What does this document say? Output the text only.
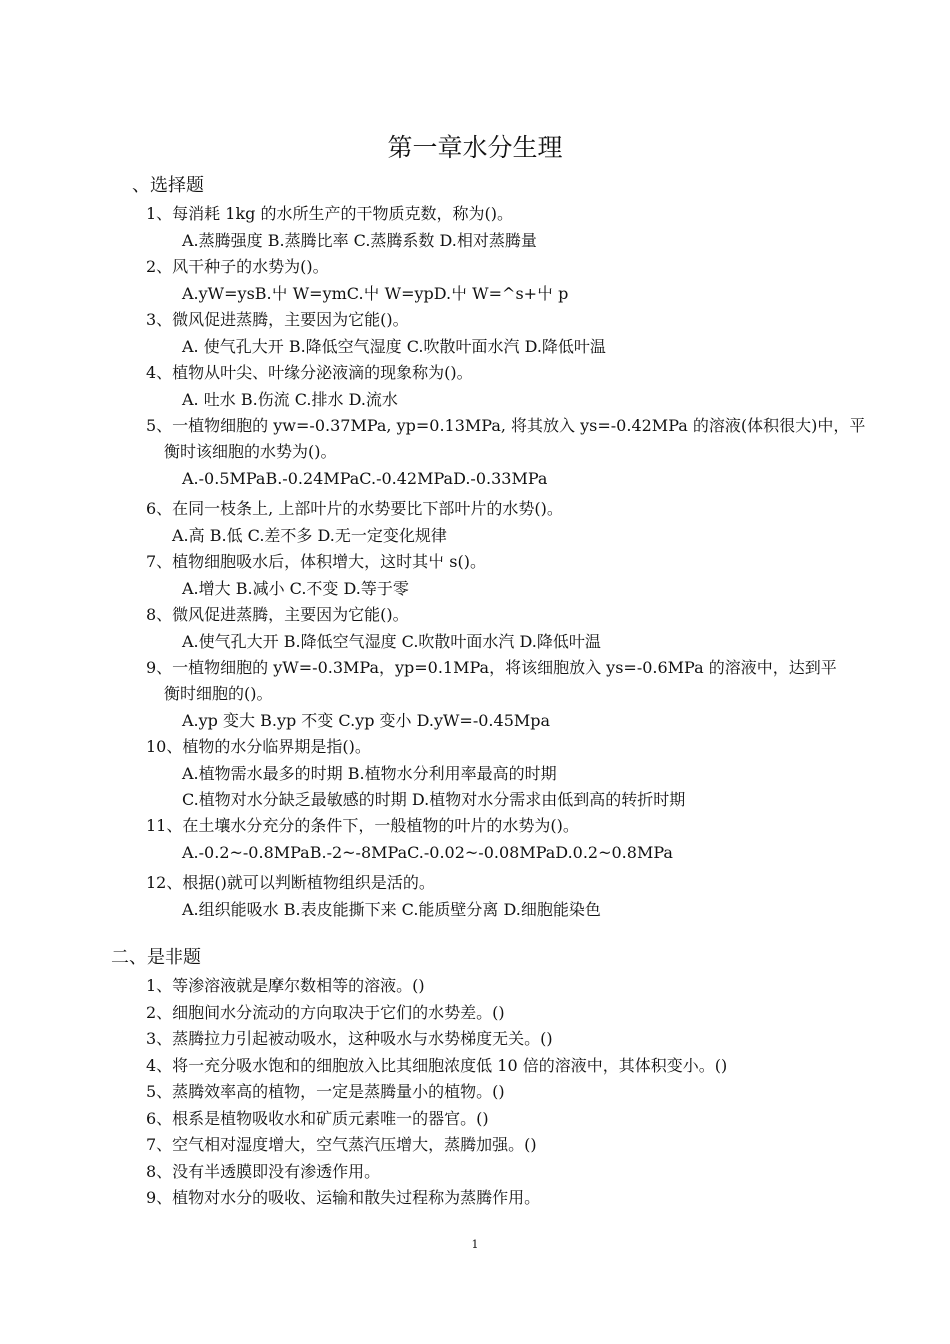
第一章水分生理
、选择题
1、每消耗 1kg 的水所生产的干物质克数，称为()。
A.蒸腾强度 B.蒸腾比率 C.蒸腾系数 D.相对蒸腾量
2、风干种子的水势为()。
A.yW=ysB.屮 W=ymC.屮 W=ypD.屮 W=^s+屮 p
3、微风促进蒸腾，主要因为它能()。
A. 使气孔大开 B.降低空气湿度 C.吹散叶面水汽 D.降低叶温
4、植物从叶尖、叶缘分泌液滴的现象称为()。
A. 吐水 B.伤流 C.排水 D.流水
5、一植物细胞的 yw=-0.37MPa, yp=0.13MPa, 将其放入 ys=-0.42MPa 的溶液(体积很大)中，平
衡时该细胞的水势为()。
A.-0.5MPaB.-0.24MPaC.-0.42MPaD.-0.33MPa
6、在同一枝条上, 上部叶片的水势要比下部叶片的水势()。
A.高 B.低 C.差不多 D.无一定变化规律
7、植物细胞吸水后，体积增大，这时其屮 s()。
A.增大 B.减小 C.不变 D.等于零
8、微风促进蒸腾，主要因为它能()。
A.使气孔大开 B.降低空气湿度 C.吹散叶面水汽 D.降低叶温
9、一植物细胞的 yW=-0.3MPa，yp=0.1MPa，将该细胞放入 ys=-0.6MPa 的溶液中，达到平
衡时细胞的()。
A.yp 变大 B.yp 不变 C.yp 变小 D.yW=-0.45Mpa
10、植物的水分临界期是指()。
A.植物需水最多的时期 B.植物水分利用率最高的时期
C.植物对水分缺乏最敏感的时期 D.植物对水分需求由低到高的转折时期
11、在土壤水分充分的条件下，一般植物的叶片的水势为()。
A.-0.2~-0.8MPaB.-2~-8MPaC.-0.02~-0.08MPaD.0.2~0.8MPa
12、根据()就可以判断植物组织是活的。
A.组织能吸水 B.表皮能撕下来 C.能质壁分离 D.细胞能染色
二、是非题
1、等渗溶液就是摩尔数相等的溶液。()
2、细胞间水分流动的方向取决于它们的水势差。()
3、蒸腾拉力引起被动吸水，这种吸水与水势梯度无关。()
4、将一充分吸水饱和的细胞放入比其细胞浓度低 10 倍的溶液中，其体积变小。()
5、蒸腾效率高的植物，一定是蒸腾量小的植物。()
6、根系是植物吸收水和矿质元素唯一的器官。()
7、空气相对湿度增大，空气蒸汽压增大，蒸腾加强。()
8、没有半透膜即没有渗透作用。
9、植物对水分的吸收、运输和散失过程称为蒸腾作用。
1
